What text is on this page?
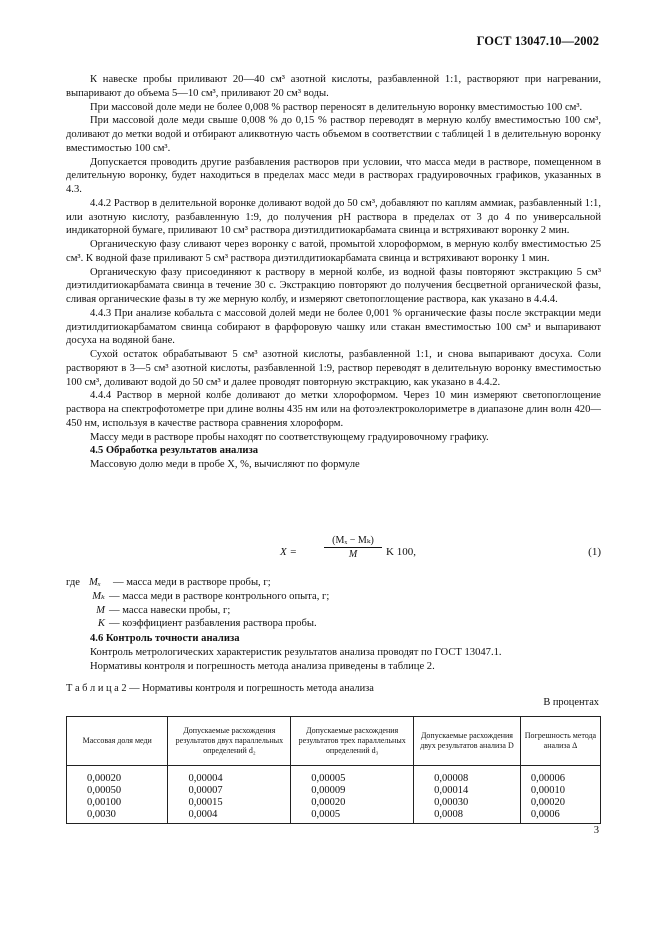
ГОСТ 13047.10—2002

К навеске пробы приливают 20—40 см³ азотной кислоты, разбавленной 1:1, растворяют при нагревании, выпаривают до объема 5—10 см³, приливают 20 см³ воды.

При массовой доле меди не более 0,008 % раствор переносят в делительную воронку вместимостью 100 см³.

При массовой доле меди свыше 0,008 % до 0,15 % раствор переводят в мерную колбу вместимостью 100 см³, доливают до метки водой и отбирают аликвотную часть объемом в соответствии с таблицей 1 в делительную воронку вместимостью 100 см³.

Допускается проводить другие разбавления растворов при условии, что масса меди в растворе, помещенном в делительную воронку, будет находиться в пределах масс меди в растворах градуировочных графиков, указанных в 4.3.

4.4.2 Раствор в делительной воронке доливают водой до 50 см³, добавляют по каплям аммиак, разбавленный 1:1, или азотную кислоту, разбавленную 1:9, до получения pH раствора в пределах от 3 до 4 по универсальной индикаторной бумаге, приливают 10 см³ раствора диэтилдитиокарбамата свинца и встряхивают воронку 2 мин.

Органическую фазу сливают через воронку с ватой, промытой хлороформом, в мерную колбу вместимостью 25 см³. К водной фазе приливают 5 см³ раствора диэтилдитиокарбамата свинца и встряхивают воронку 1 мин.

Органическую фазу присоединяют к раствору в мерной колбе, из водной фазы повторяют экстракцию 5 см³ диэтилдитиокарбамата свинца в течение 30 с. Экстракцию повторяют до получения бесцветной органической фазы, сливая органические фазы в ту же мерную колбу, и измеряют светопоглощение раствора, как указано в 4.4.4.

4.4.3 При анализе кобальта с массовой долей меди не более 0,001 % органические фазы после экстракции меди диэтилдитиокарбаматом свинца собирают в фарфоровую чашку или стакан вместимостью 100 см³ и выпаривают досуха на водяной бане.

Сухой остаток обрабатывают 5 см³ азотной кислоты, разбавленной 1:1, и снова выпаривают досуха. Соли растворяют в 3—5 см³ азотной кислоты, разбавленной 1:9, раствор переводят в делительную воронку вместимостью 100 см³, доливают водой до 50 см³ и далее проводят повторную экстракцию, как указано в 4.4.2.

4.4.4 Раствор в мерной колбе доливают до метки хлороформом. Через 10 мин измеряют светопоглощение раствора на спектрофотометре при длине волны 435 нм или на фотоэлектроколориметре в диапазоне длин волн 420—450 нм, используя в качестве раствора сравнения хлороформ.

Массу меди в растворе пробы находят по соответствующему градуировочному графику.

4.5 Обработка результатов анализа

Массовую долю меди в пробе X, %, вычисляют по формуле

X =	$\frac{\text{(Mₓ − Mₖ)}}{M}$ K 100,	(1)
где Mₓ	— масса меди в растворе пробы, г;
Mₖ — масса меди в растворе контрольного опыта, г;
M — масса навески пробы, г;
K — коэффициент разбавления раствора пробы.

4.6 Контроль точности анализа

Контроль метрологических характеристик результатов анализа проводят по ГОСТ 13047.1.

Нормативы контроля и погрешность метода анализа приведены в таблице 2.

Т а б л и ц а 2 — Нормативы контроля и погрешность метода анализа
В процентах
Массовая доля меди	Допускаемые расхождения результатов двух параллельных определений d₂	Допускаемые расхождения результатов трех параллельных определений d₃	Допускаемые расхождения двух результатов анализа D	Погрешность метода анализа Δ
0,00020	0,00004	0,00005	0,00008	0,00006
0,00050	0,00007	0,00009	0,00014	0,00010
0,00100	0,00015	0,00020	0,00030	0,00020
0,0030	0,0004	0,0005	0,0008	0,0006
3
